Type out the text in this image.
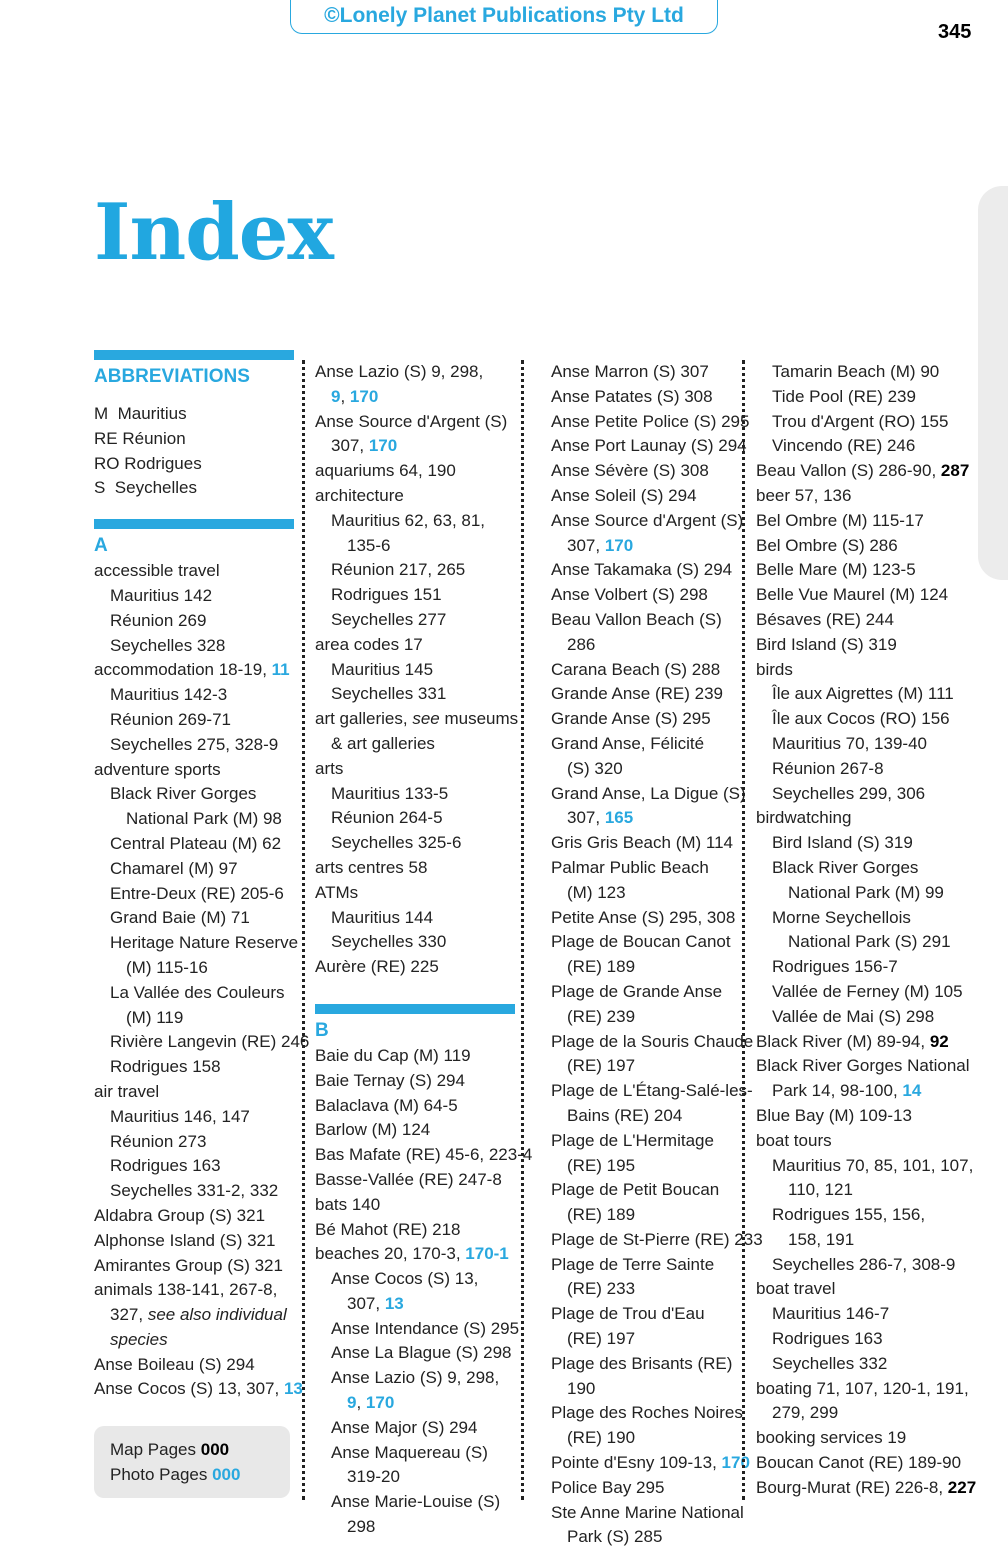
©Lonely Planet Publications Pty Ltd
345
Index
ABBREVIATIONS
M  Mauritius
RE Réunion
RO Rodrigues
S  Seychelles
A
accessible travel
Mauritius 142
Réunion 269
Seychelles 328
accommodation 18-19, 11
Mauritius 142-3
Réunion 269-71
Seychelles 275, 328-9
adventure sports
Black River Gorges
National Park (M) 98
Central Plateau (M) 62
Chamarel (M) 97
Entre-Deux (RE) 205-6
Grand Baie (M) 71
Heritage Nature Reserve
(M) 115-16
La Vallée des Couleurs
(M) 119
Rivière Langevin (RE) 246
Rodrigues 158
air travel
Mauritius 146, 147
Réunion 273
Rodrigues 163
Seychelles 331-2, 332
Aldabra Group (S) 321
Alphonse Island (S) 321
Amirantes Group (S) 321
animals 138-141, 267-8,
327, see also individual
species
Anse Boileau (S) 294
Anse Cocos (S) 13, 307, 13
Anse Lazio (S) 9, 298,
9, 170
Anse Source d'Argent (S)
307, 170
aquariums 64, 190
architecture
Mauritius 62, 63, 81,
135-6
Réunion 217, 265
Rodrigues 151
Seychelles 277
area codes 17
Mauritius 145
Seychelles 331
art galleries, see museums
& art galleries
arts
Mauritius 133-5
Réunion 264-5
Seychelles 325-6
arts centres 58
ATMs
Mauritius 144
Seychelles 330
Aurère (RE) 225
B
Baie du Cap (M) 119
Baie Ternay (S) 294
Balaclava (M) 64-5
Barlow (M) 124
Bas Mafate (RE) 45-6, 223-4
Basse-Vallée (RE) 247-8
bats 140
Bé Mahot (RE) 218
beaches 20, 170-3, 170-1
Anse Cocos (S) 13,
307, 13
Anse Intendance (S) 295
Anse La Blague (S) 298
Anse Lazio (S) 9, 298,
9, 170
Anse Major (S) 294
Anse Maquereau (S)
319-20
Anse Marie-Louise (S)
298
Anse Marron (S) 307
Anse Patates (S) 308
Anse Petite Police (S) 295
Anse Port Launay (S) 294
Anse Sévère (S) 308
Anse Soleil (S) 294
Anse Source d'Argent (S)
307, 170
Anse Takamaka (S) 294
Anse Volbert (S) 298
Beau Vallon Beach (S)
286
Carana Beach (S) 288
Grande Anse (RE) 239
Grande Anse (S) 295
Grand Anse, Félicité
(S) 320
Grand Anse, La Digue (S)
307, 165
Gris Gris Beach (M) 114
Palmar Public Beach
(M) 123
Petite Anse (S) 295, 308
Plage de Boucan Canot
(RE) 189
Plage de Grande Anse
(RE) 239
Plage de la Souris Chaude
(RE) 197
Plage de L'Étang-Salé-les-
Bains (RE) 204
Plage de L'Hermitage
(RE) 195
Plage de Petit Boucan
(RE) 189
Plage de St-Pierre (RE) 233
Plage de Terre Sainte
(RE) 233
Plage de Trou d'Eau
(RE) 197
Plage des Brisants (RE)
190
Plage des Roches Noires
(RE) 190
Pointe d'Esny 109-13, 170
Police Bay 295
Ste Anne Marine National
Park (S) 285
Tamarin Beach (M) 90
Tide Pool (RE) 239
Trou d'Argent (RO) 155
Vincendo (RE) 246
Beau Vallon (S) 286-90, 287
beer 57, 136
Bel Ombre (M) 115-17
Bel Ombre (S) 286
Belle Mare (M) 123-5
Belle Vue Maurel (M) 124
Bésaves (RE) 244
Bird Island (S) 319
birds
Île aux Aigrettes (M) 111
Île aux Cocos (RO) 156
Mauritius 70, 139-40
Réunion 267-8
Seychelles 299, 306
birdwatching
Bird Island (S) 319
Black River Gorges
National Park (M) 99
Morne Seychellois
National Park (S) 291
Rodrigues 156-7
Vallée de Ferney (M) 105
Vallée de Mai (S) 298
Black River (M) 89-94, 92
Black River Gorges National
Park 14, 98-100, 14
Blue Bay (M) 109-13
boat tours
Mauritius 70, 85, 101, 107,
110, 121
Rodrigues 155, 156,
158, 191
Seychelles 286-7, 308-9
boat travel
Mauritius 146-7
Rodrigues 163
Seychelles 332
boating 71, 107, 120-1, 191,
279, 299
booking services 19
Boucan Canot (RE) 189-90
Bourg-Murat (RE) 226-8, 227
Map Pages 000
Photo Pages 000
